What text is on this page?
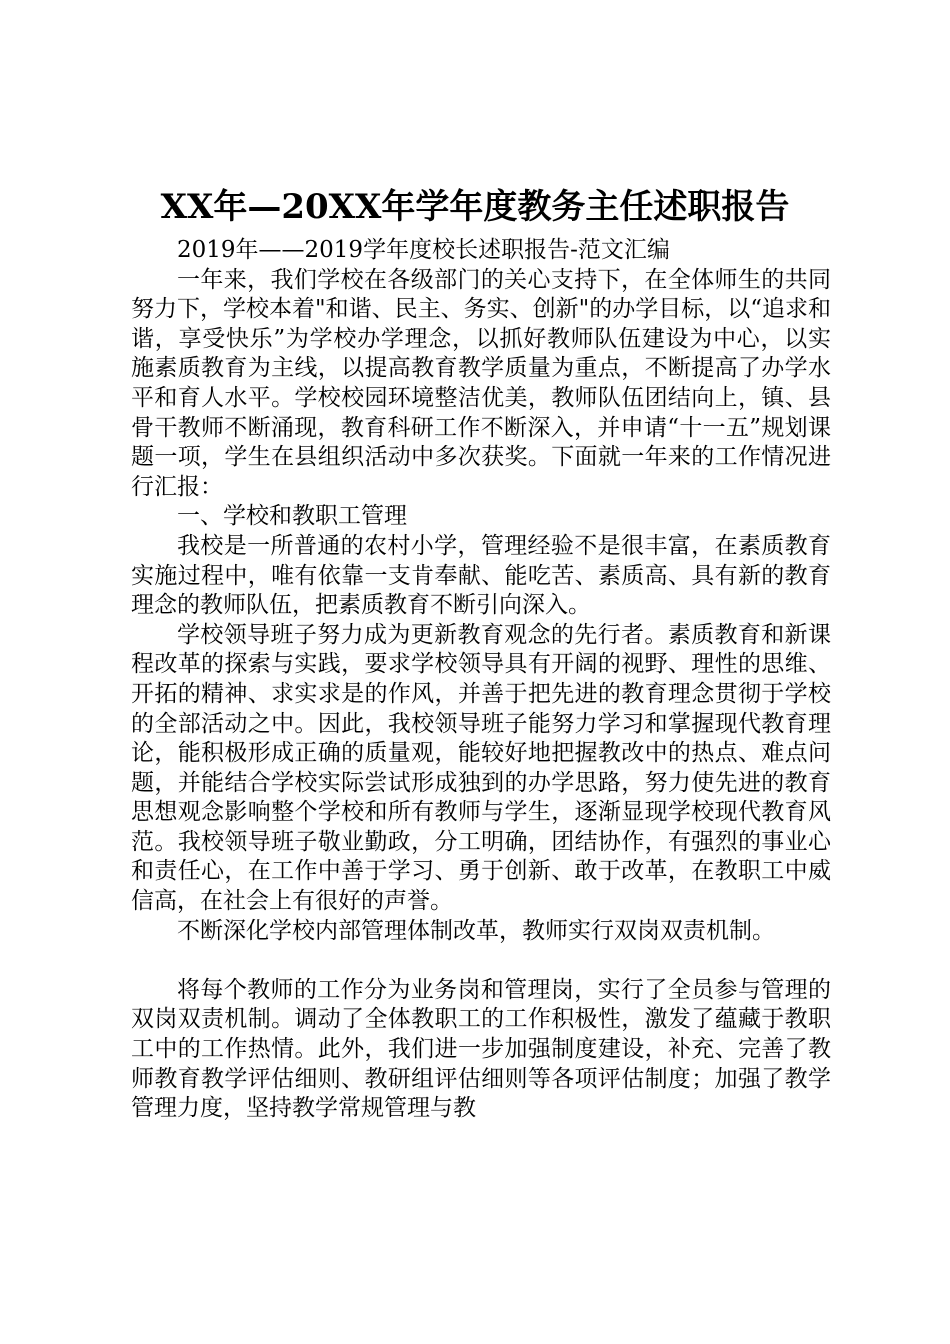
XX年—20XX年学年度教务主任述职报告

2019年——2019学年度校长述职报告-范文汇编

一年来，我们学校在各级部门的关心支持下，在全体师生的共同努力下，学校本着"和谐、民主、务实、创新"的办学目标，以“追求和谐，享受快乐”为学校办学理念，以抓好教师队伍建设为中心，以实施素质教育为主线，以提高教育教学质量为重点，不断提高了办学水平和育人水平。学校校园环境整洁优美，教师队伍团结向上，镇、县骨干教师不断涌现，教育科研工作不断深入，并申请“十一五”规划课题一项，学生在县组织活动中多次获奖。下面就一年来的工作情况进行汇报：

一、学校和教职工管理

我校是一所普通的农村小学，管理经验不是很丰富，在素质教育实施过程中，唯有依靠一支肯奉献、能吃苦、素质高、具有新的教育理念的教师队伍，把素质教育不断引向深入。

学校领导班子努力成为更新教育观念的先行者。素质教育和新课程改革的探索与实践，要求学校领导具有开阔的视野、理性的思维、开拓的精神、求实求是的作风，并善于把先进的教育理念贯彻于学校的全部活动之中。因此，我校领导班子能努力学习和掌握现代教育理论，能积极形成正确的质量观，能较好地把握教改中的热点、难点问题，并能结合学校实际尝试形成独到的办学思路，努力使先进的教育思想观念影响整个学校和所有教师与学生，逐渐显现学校现代教育风范。我校领导班子敬业勤政，分工明确，团结协作，有强烈的事业心和责任心，在工作中善于学习、勇于创新、敢于改革，在教职工中威信高，在社会上有很好的声誉。

不断深化学校内部管理体制改革，教师实行双岗双责机制。

将每个教师的工作分为业务岗和管理岗，实行了全员参与管理的双岗双责机制。调动了全体教职工的工作积极性，激发了蕴藏于教职工中的工作热情。此外，我们进一步加强制度建设，补充、完善了教师教育教学评估细则、教研组评估细则等各项评估制度；加强了教学管理力度，坚持教学常规管理与教
